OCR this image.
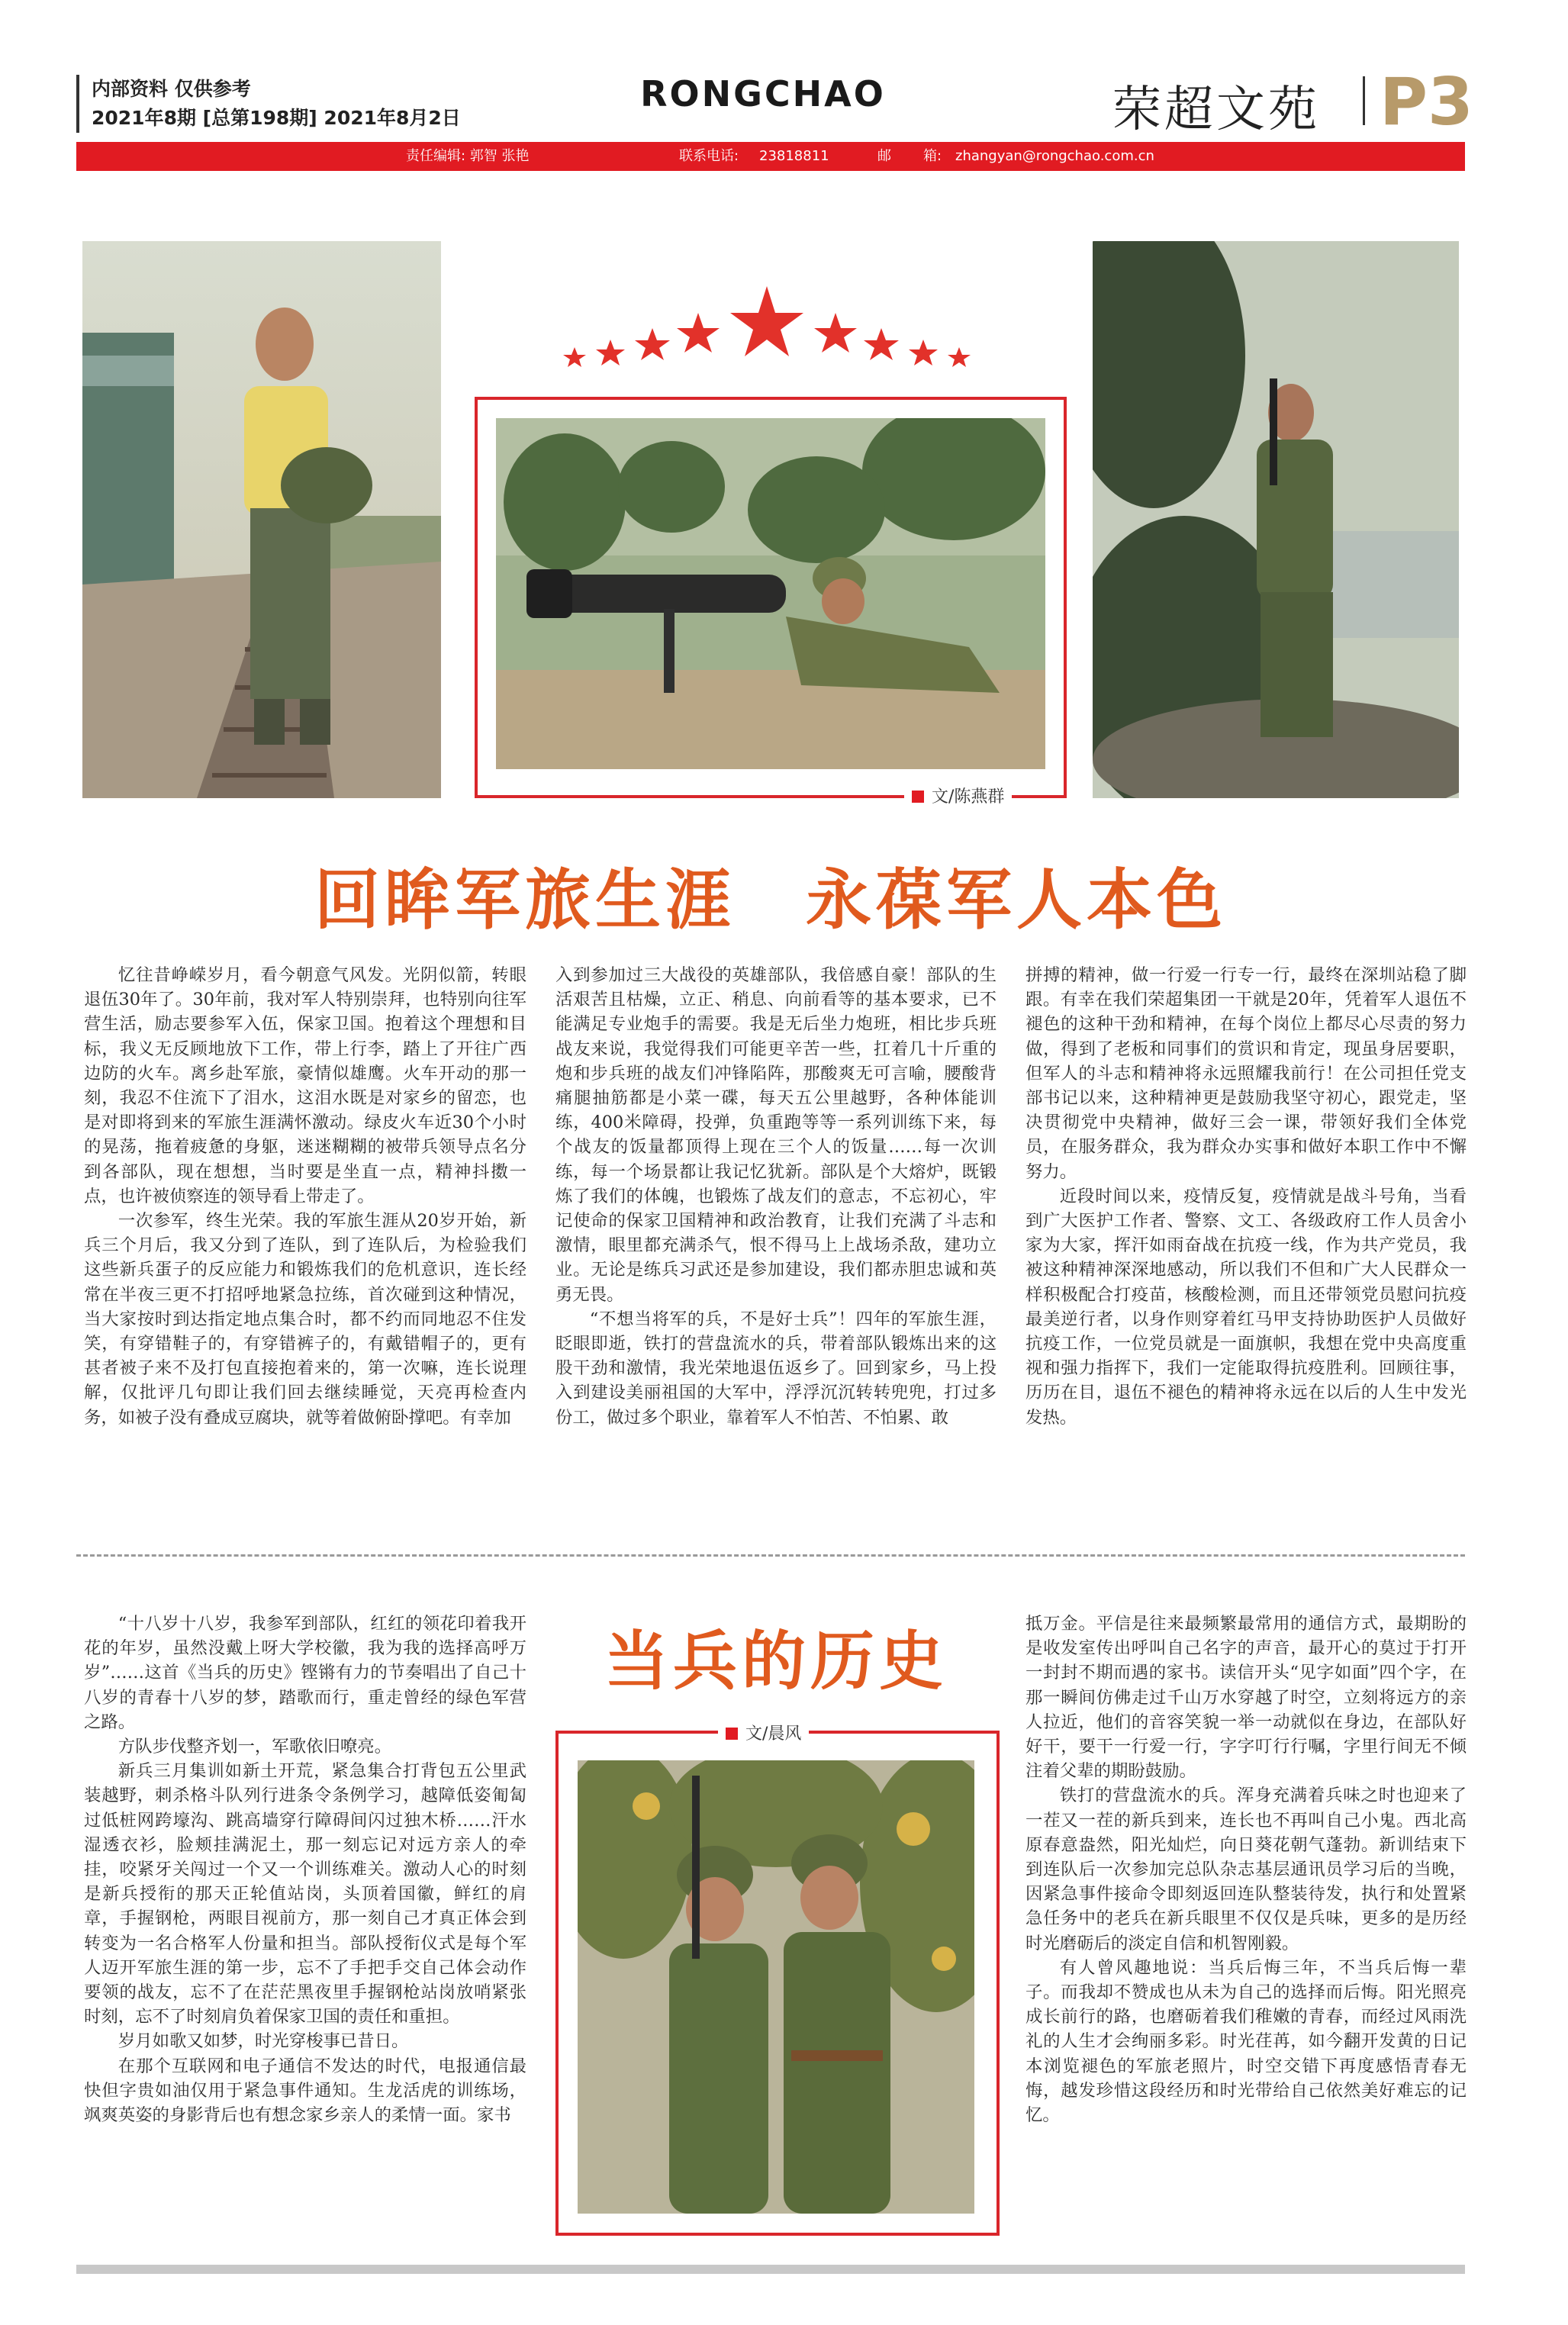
内部资料 仅供参考
2021年8期 [总第198期] 2021年8月2日
RONGCHAO	荣超文苑 P3
责任编辑: 郭智 张艳	联系电话: 23818811	邮 箱: zhangyan@rongchao.com.cn
文/陈燕群
回眸军旅生涯　永葆军人本色

忆往昔峥嵘岁月，看今朝意气风发。光阴似箭，转眼退伍30年了。30年前，我对军人特别崇拜，也特别向往军营生活，励志要参军入伍，保家卫国。抱着这个理想和目标，我义无反顾地放下工作，带上行李，踏上了开往广西边防的火车。离乡赴军旅，豪情似雄鹰。火车开动的那一刻，我忍不住流下了泪水，这泪水既是对家乡的留恋，也是对即将到来的军旅生涯满怀激动。绿皮火车近30个小时的晃荡，拖着疲惫的身躯，迷迷糊糊的被带兵领导点名分到各部队，现在想想，当时要是坐直一点，精神抖擞一点，也许被侦察连的领导看上带走了。

一次参军，终生光荣。我的军旅生涯从20岁开始，新兵三个月后，我又分到了连队，到了连队后，为检验我们这些新兵蛋子的反应能力和锻炼我们的危机意识，连长经常在半夜三更不打招呼地紧急拉练，首次碰到这种情况，当大家按时到达指定地点集合时，都不约而同地忍不住发笑，有穿错鞋子的，有穿错裤子的，有戴错帽子的，更有甚者被子来不及打包直接抱着来的，第一次嘛，连长说理解，仅批评几句即让我们回去继续睡觉，天亮再检查内务，如被子没有叠成豆腐块，就等着做俯卧撑吧。有幸加

入到参加过三大战役的英雄部队，我倍感自豪！部队的生活艰苦且枯燥，立正、稍息、向前看等的基本要求，已不能满足专业炮手的需要。我是无后坐力炮班，相比步兵班战友来说，我觉得我们可能更辛苦一些，扛着几十斤重的炮和步兵班的战友们冲锋陷阵，那酸爽无可言喻，腰酸背痛腿抽筋都是小菜一碟，每天五公里越野，各种体能训练，400米障碍，投弹，负重跑等等一系列训练下来，每个战友的饭量都顶得上现在三个人的饭量……每一次训练，每一个场景都让我记忆犹新。部队是个大熔炉，既锻炼了我们的体魄，也锻炼了战友们的意志，不忘初心，牢记使命的保家卫国精神和政治教育，让我们充满了斗志和激情，眼里都充满杀气，恨不得马上上战场杀敌，建功立业。无论是练兵习武还是参加建设，我们都赤胆忠诚和英勇无畏。

“不想当将军的兵，不是好士兵”！四年的军旅生涯，眨眼即逝，铁打的营盘流水的兵，带着部队锻炼出来的这股干劲和激情，我光荣地退伍返乡了。回到家乡，马上投入到建设美丽祖国的大军中，浮浮沉沉转转兜兜，打过多份工，做过多个职业，靠着军人不怕苦、不怕累、敢

拼搏的精神，做一行爱一行专一行，最终在深圳站稳了脚跟。有幸在我们荣超集团一干就是20年，凭着军人退伍不褪色的这种干劲和精神，在每个岗位上都尽心尽责的努力做，得到了老板和同事们的赏识和肯定，现虽身居要职，但军人的斗志和精神将永远照耀我前行！在公司担任党支部书记以来，这种精神更是鼓励我坚守初心，跟党走，坚决贯彻党中央精神，做好三会一课，带领好我们全体党员，在服务群众，我为群众办实事和做好本职工作中不懈努力。

近段时间以来，疫情反复，疫情就是战斗号角，当看到广大医护工作者、警察、文工、各级政府工作人员舍小家为大家，挥汗如雨奋战在抗疫一线，作为共产党员，我被这种精神深深地感动，所以我们不但和广大人民群众一样积极配合打疫苗，核酸检测，而且还带领党员慰问抗疫最美逆行者，以身作则穿着红马甲支持协助医护人员做好抗疫工作，一位党员就是一面旗帜，我想在党中央高度重视和强力指挥下，我们一定能取得抗疫胜利。回顾往事，历历在目，退伍不褪色的精神将永远在以后的人生中发光发热。

“十八岁十八岁，我参军到部队，红红的领花印着我开花的年岁，虽然没戴上呀大学校徽，我为我的选择高呼万岁”……这首《当兵的历史》铿锵有力的节奏唱出了自己十八岁的青春十八岁的梦，踏歌而行，重走曾经的绿色军营之路。

方队步伐整齐划一，军歌依旧嘹亮。

新兵三月集训如新土开荒，紧急集合打背包五公里武装越野，刺杀格斗队列行进条令条例学习，越障低姿匍匐过低桩网跨壕沟、跳高墙穿行障碍间闪过独木桥……汗水湿透衣衫，脸颊挂满泥土，那一刻忘记对远方亲人的牵挂，咬紧牙关闯过一个又一个训练难关。激动人心的时刻是新兵授衔的那天正轮值站岗，头顶着国徽，鲜红的肩章，手握钢枪，两眼目视前方，那一刻自己才真正体会到转变为一名合格军人份量和担当。部队授衔仪式是每个军人迈开军旅生涯的第一步，忘不了手把手交自己体会动作要领的战友，忘不了在茫茫黑夜里手握钢枪站岗放哨紧张时刻，忘不了时刻肩负着保家卫国的责任和重担。

岁月如歌又如梦，时光穿梭事已昔日。

在那个互联网和电子通信不发达的时代，电报通信最快但字贵如油仅用于紧急事件通知。生龙活虎的训练场，飒爽英姿的身影背后也有想念家乡亲人的柔情一面。家书

当兵的历史
文/晨风

抵万金。平信是往来最频繁最常用的通信方式，最期盼的是收发室传出呼叫自己名字的声音，最开心的莫过于打开一封封不期而遇的家书。读信开头“见字如面”四个字，在那一瞬间仿佛走过千山万水穿越了时空，立刻将远方的亲人拉近，他们的音容笑貌一举一动就似在身边，在部队好好干，要干一行爱一行，字字叮行行嘱，字里行间无不倾注着父辈的期盼鼓励。

铁打的营盘流水的兵。浑身充满着兵味之时也迎来了一茬又一茬的新兵到来，连长也不再叫自己小鬼。西北高原春意盎然，阳光灿烂，向日葵花朝气蓬勃。新训结束下到连队后一次参加完总队杂志基层通讯员学习后的当晚，因紧急事件接命令即刻返回连队整装待发，执行和处置紧急任务中的老兵在新兵眼里不仅仅是兵味，更多的是历经时光磨砺后的淡定自信和机智刚毅。

有人曾风趣地说：当兵后悔三年，不当兵后悔一辈子。而我却不赞成也从未为自己的选择而后悔。阳光照亮成长前行的路，也磨砺着我们稚嫩的青春，而经过风雨洗礼的人生才会绚丽多彩。时光荏苒，如今翻开发黄的日记本浏览褪色的军旅老照片，时空交错下再度感悟青春无悔，越发珍惜这段经历和时光带给自己依然美好难忘的记忆。
